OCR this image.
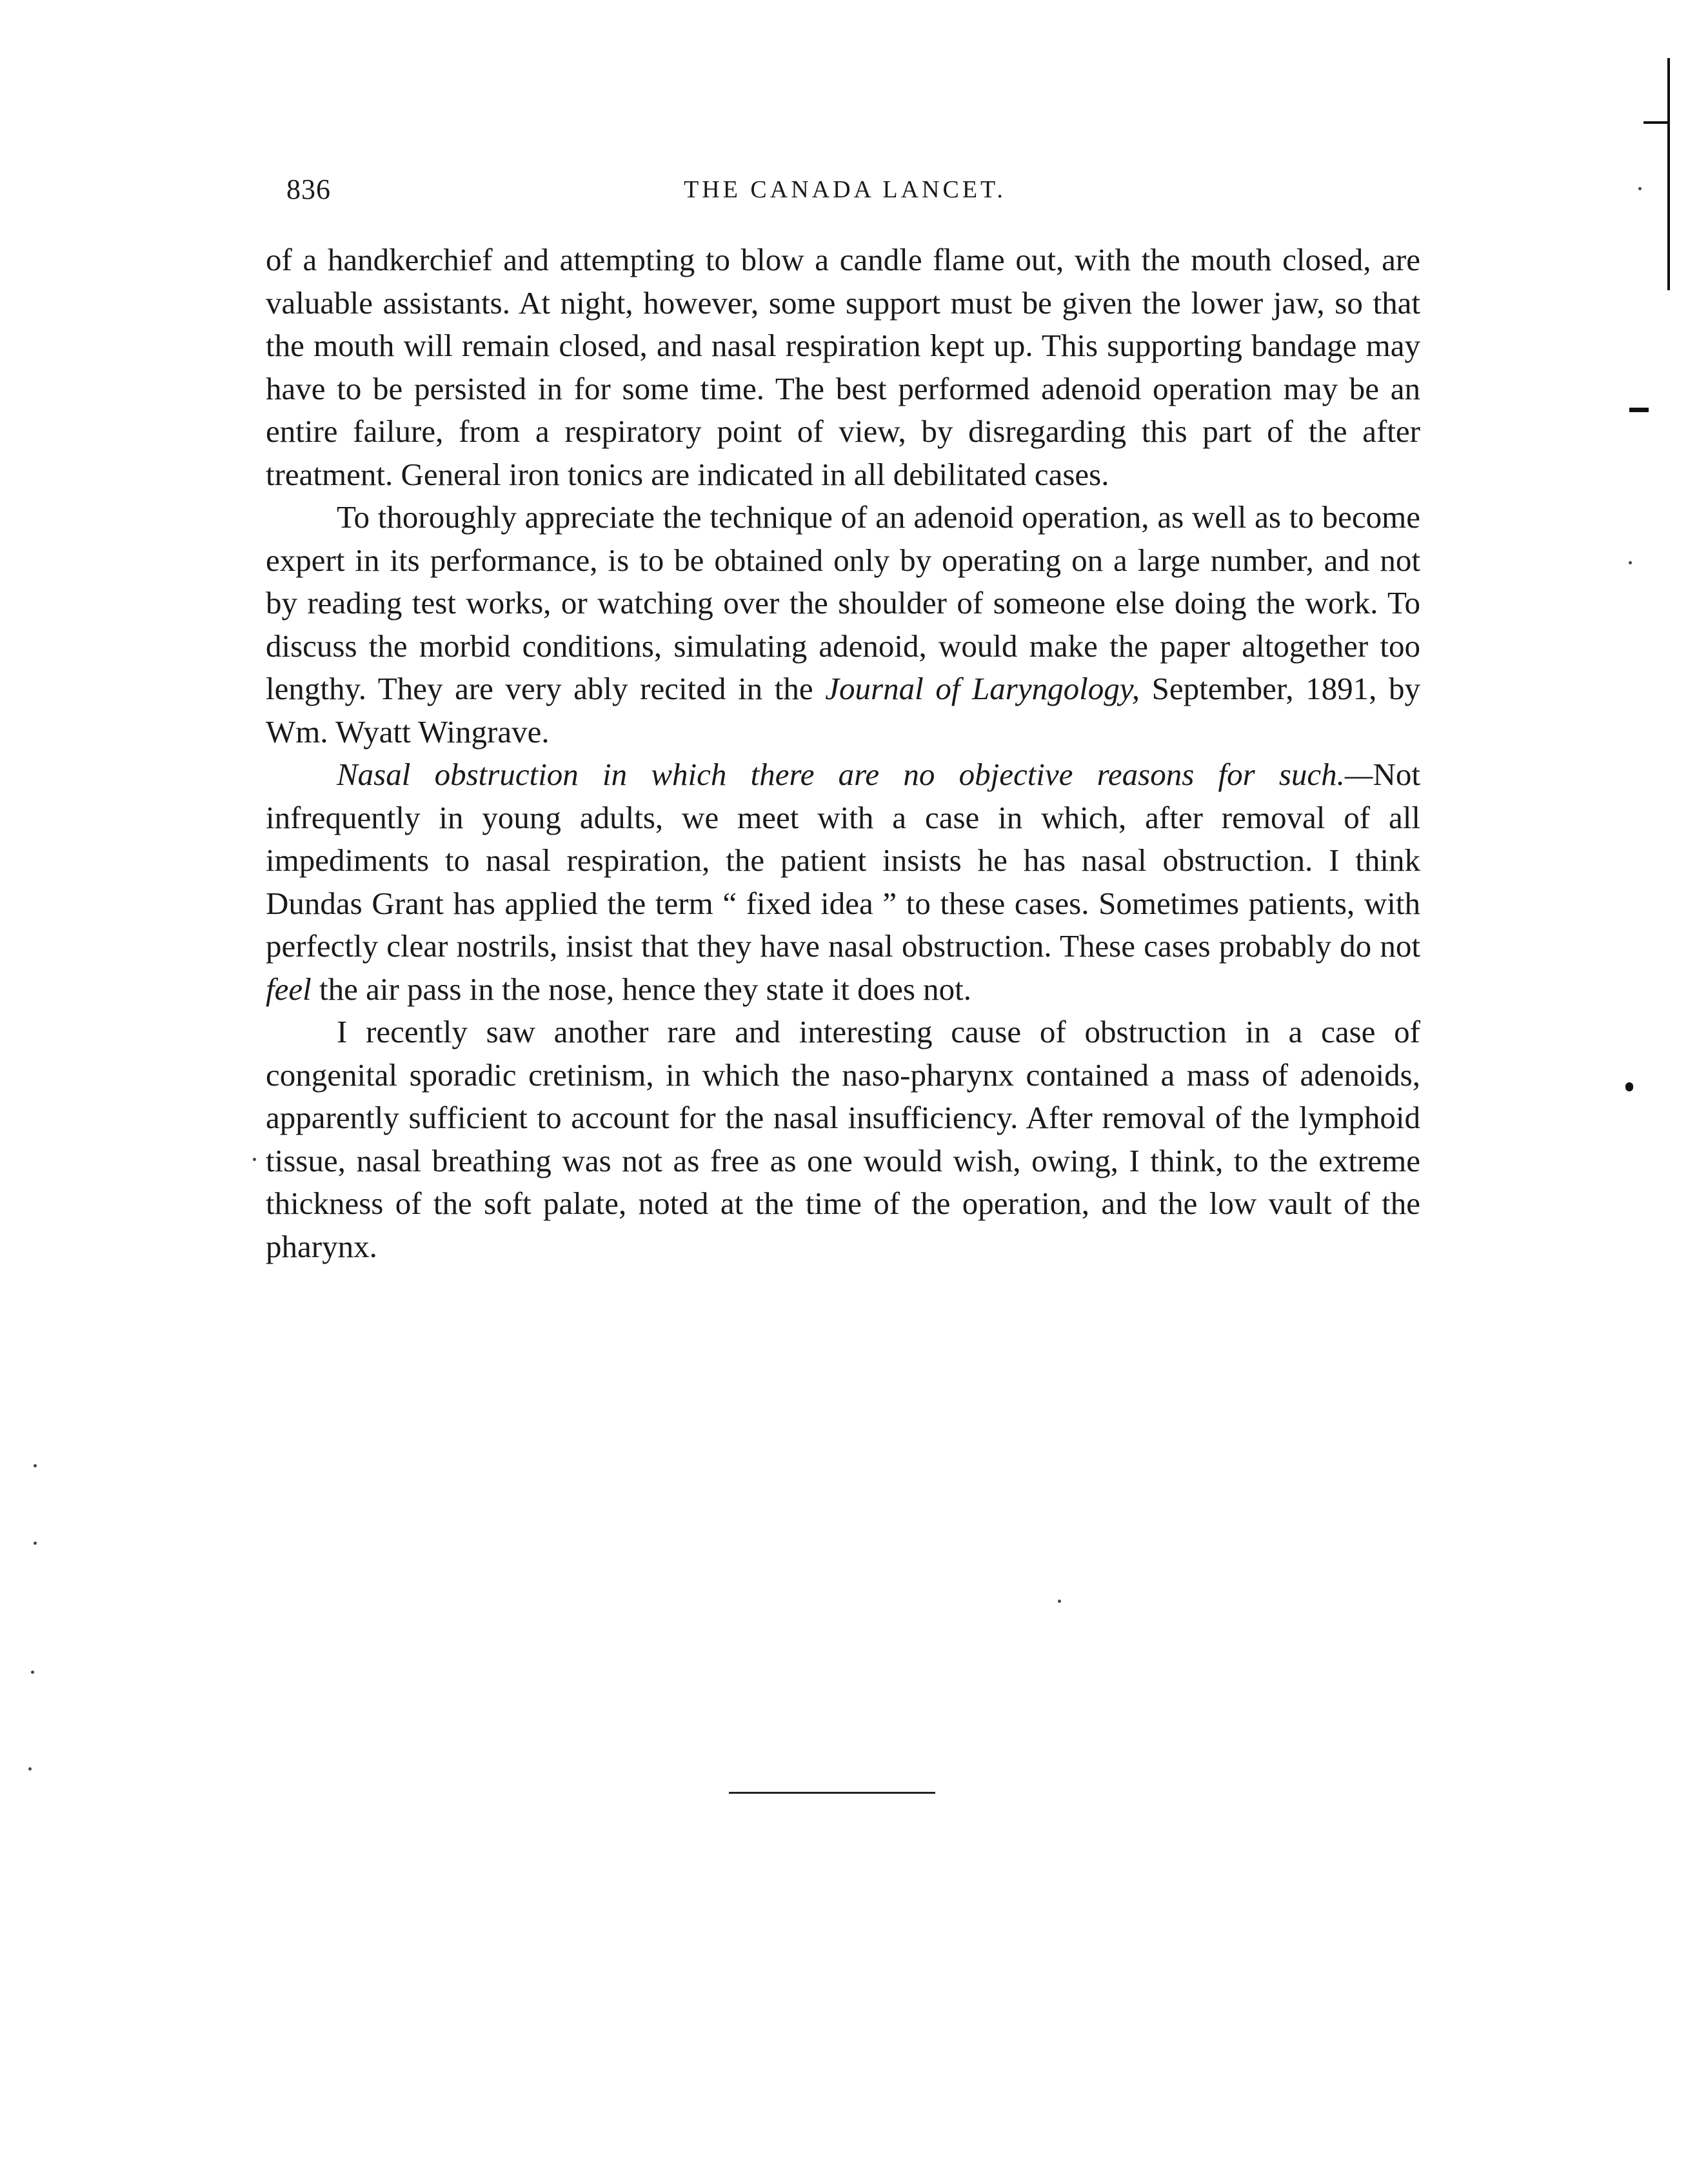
836	THE CANADA LANCET.

of a handkerchief and attempting to blow a candle flame out, with the mouth closed, are valuable assistants. At night, however, some support must be given the lower jaw, so that the mouth will remain closed, and nasal respiration kept up. This supporting bandage may have to be persisted in for some time. The best performed adenoid operation may be an entire failure, from a respiratory point of view, by disregarding this part of the after treatment. General iron tonics are indicated in all debilitated cases.

To thoroughly appreciate the technique of an adenoid operation, as well as to become expert in its performance, is to be obtained only by operating on a large number, and not by reading test works, or watching over the shoulder of someone else doing the work. To discuss the morbid conditions, simulating adenoid, would make the paper altogether too lengthy. They are very ably recited in the Journal of Laryngology, September, 1891, by Wm. Wyatt Wingrave.

Nasal obstruction in which there are no objective reasons for such.—Not infrequently in young adults, we meet with a case in which, after removal of all impediments to nasal respiration, the patient insists he has nasal obstruction. I think Dundas Grant has applied the term “ fixed idea ” to these cases. Sometimes patients, with perfectly clear nostrils, insist that they have nasal obstruction. These cases probably do not feel the air pass in the nose, hence they state it does not.

I recently saw another rare and interesting cause of obstruction in a case of congenital sporadic cretinism, in which the naso-pharynx contained a mass of adenoids, apparently sufficient to account for the nasal insufficiency. After removal of the lymphoid tissue, nasal breathing was not as free as one would wish, owing, I think, to the extreme thickness of the soft palate, noted at the time of the operation, and the low vault of the pharynx.
